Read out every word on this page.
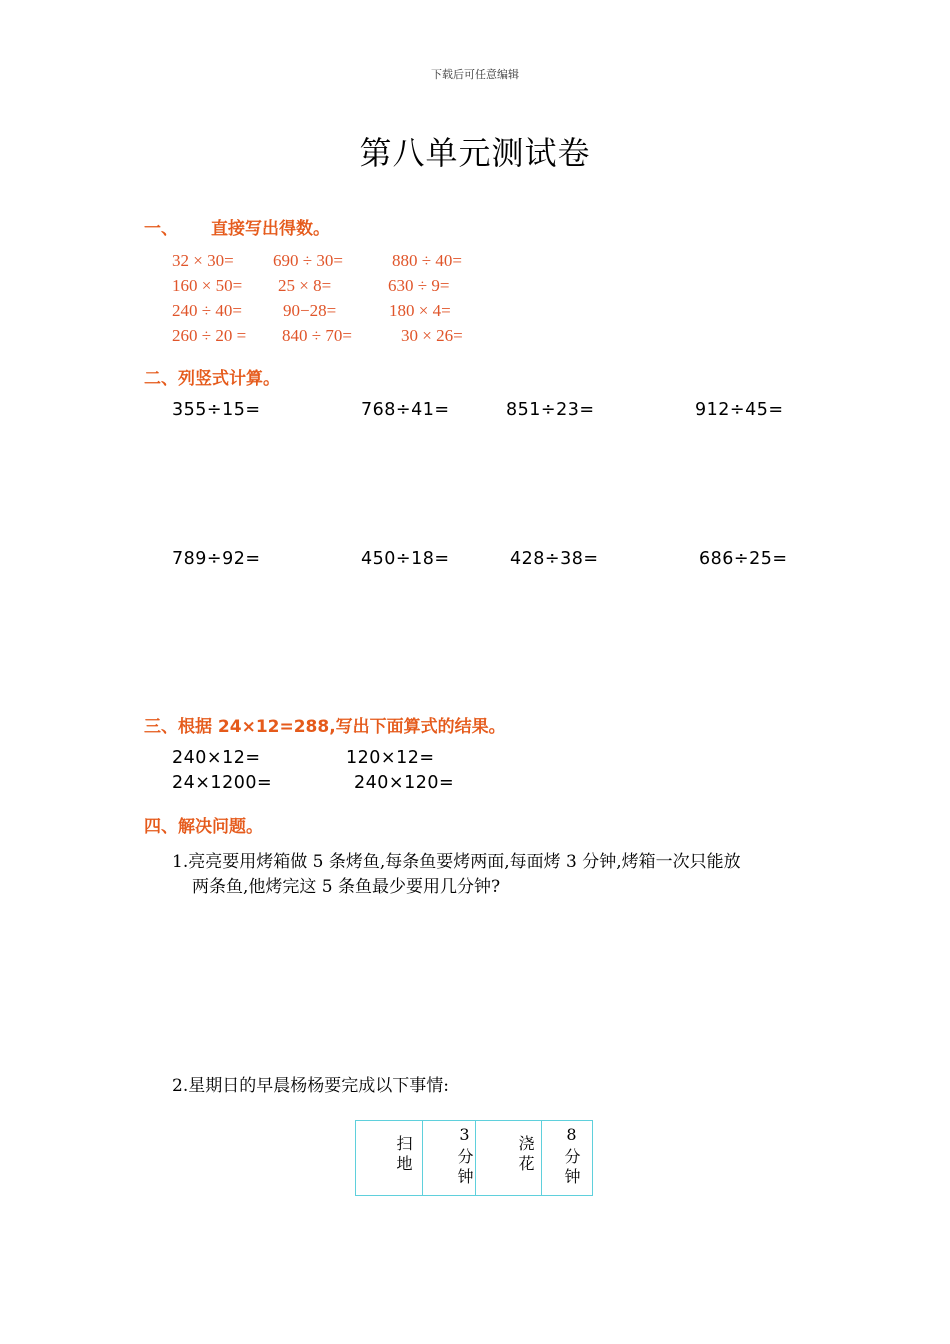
下载后可任意编辑
第八单元测试卷
一、 直接写出得数。
32 × 30= 690 ÷ 30=	880 ÷ 40=
160 × 50= 25 × 8=	630 ÷ 9=
240 ÷ 40= 90−28=	180 × 4=
260 ÷ 20 = 840 ÷ 70=	30 × 26=
二、列竖式计算。
355÷15=	768÷41=	851÷23=	912÷45=
789÷92=	450÷18=	428÷38=	686÷25=
三、根据 24×12=288,写出下面算式的结果。
240×12=	120×12=
24×1200=	240×120=
四、解决问题。
1.亮亮要用烤箱做 5 条烤鱼,每条鱼要烤两面,每面烤 3 分钟,烤箱一次只能放
两条鱼,他烤完这 5 条鱼最少要用几分钟?
2.星期日的早晨杨杨要完成以下事情:
扫地	3分钟	浇花 8分钟
